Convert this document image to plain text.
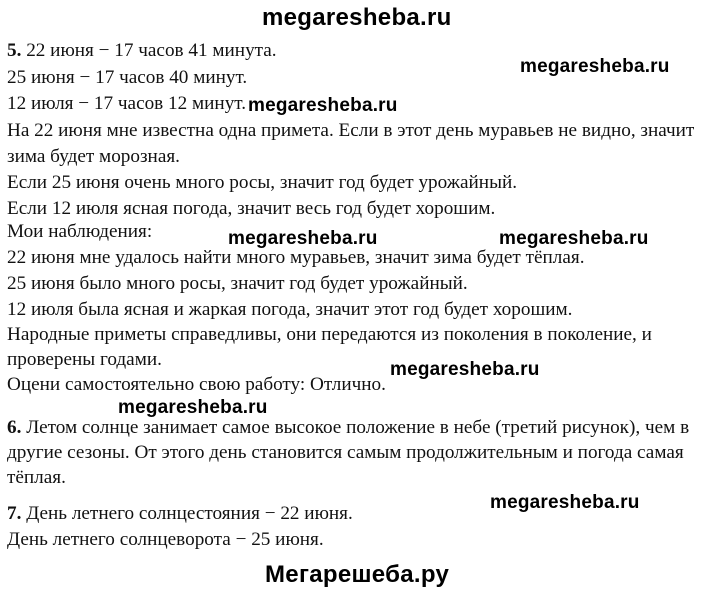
megaresheba.ru
5. 22 июня − 17 часов 41 минута.
25 июня − 17 часов 40 минут.
12 июля − 17 часов 12 минут.
На 22 июня мне известна одна примета. Если в этот день муравьев не видно, значит
зима будет морозная.
Если 25 июня очень много росы, значит год будет урожайный.
Если 12 июля ясная погода, значит весь год будет хорошим.
Мои наблюдения:
22 июня мне удалось найти много муравьев, значит зима будет тёплая.
25 июня было много росы, значит год будет урожайный.
12 июля была ясная и жаркая погода, значит этот год будет хорошим.
Народные приметы справедливы, они передаются из поколения в поколение, и
проверены годами.
Оцени самостоятельно свою работу: Отлично.
6. Летом солнце занимает самое высокое положение в небе (третий рисунок), чем в
другие сезоны. От этого день становится самым продолжительным и погода самая
тёплая.
7. День летнего солнцестояния − 22 июня.
День летнего солнцеворота − 25 июня.
megaresheba.ru
megaresheba.ru
megaresheba.ru	megaresheba.ru
megaresheba.ru
megaresheba.ru
megaresheba.ru
Мегарешеба.ру
